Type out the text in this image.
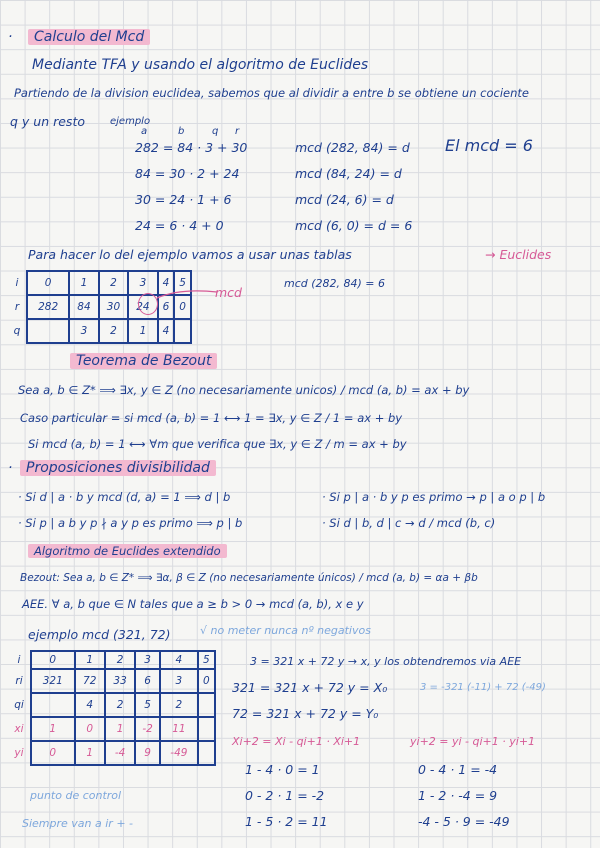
·	Calculo del Mcd
Mediante TFA y usando el algoritmo de Euclides
Partiendo de la division euclidea, sabemos que al dividir a entre b se obtiene un cociente
q y un resto	ejemplo
a	b	q r
282 = 84 · 3 + 30
84 = 30 · 2 + 24
30 = 24 · 1 + 6
24 = 6 · 4 + 0
mcd (282, 84) = d
mcd (84, 24) = d
mcd (24, 6) = d
mcd (6, 0) = d = 6
El mcd = 6
Para hacer lo del ejemplo vamos a usar unas tablas	→ Euclides
i	0	1	2	3	4	5
r	282	84	30	24	6	0
q		3	2	1	4	
mcd
mcd (282, 84) = 6
Teorema de Bezout
Sea a, b ∈ Z* ⟹ ∃x, y ∈ Z (no necesariamente unicos) / mcd (a, b) = ax + by
Caso particular = si mcd (a, b) = 1 ⟷ 1 = ∃x, y ∈ Z / 1 = ax + by
Si mcd (a, b) = 1 ⟷ ∀m que verifica que ∃x, y ∈ Z / m = ax + by
· Proposiciones divisibilidad
· Si d | a · b y mcd (d, a) = 1 ⟹ d | b	· Si p | a · b y p es primo → p | a o p | b
· Si p | a b y p ∤ a y p es primo ⟹ p | b	· Si d | b, d | c → d / mcd (b, c)
Algoritmo de Euclides extendido
Bezout: Sea a, b ∈ Z* ⟹ ∃α, β ∈ Z (no necesariamente únicos) / mcd (a, b) = αa + βb
AEE. ∀ a, b que ∈ N tales que a ≥ b > 0 → mcd (a, b), x e y
ejemplo mcd (321, 72)	√ no meter nunca nº negativos
i	0	1	2	3	4	5
ri	321	72	33	6	3	0
qi		4	2	5	2	
xi	1	0	1	-2	11	
yi	0	1	-4	9	-49	
3 = 321 x + 72 y → x, y los obtendremos via AEE
321 = 321 x + 72 y = X₀
72 = 321 x + 72 y = Y₀
3 = -321 (-11) + 72 (-49)
Xi+2 = Xi - qi+1 · Xi+1	yi+2 = yi - qi+1 · yi+1
1 - 4 · 0 = 1
0 - 2 · 1 = -2
1 - 5 · 2 = 11
0 - 4 · 1 = -4
1 - 2 · -4 = 9
-4 - 5 · 9 = -49
punto de control
Siempre van a ir + -
